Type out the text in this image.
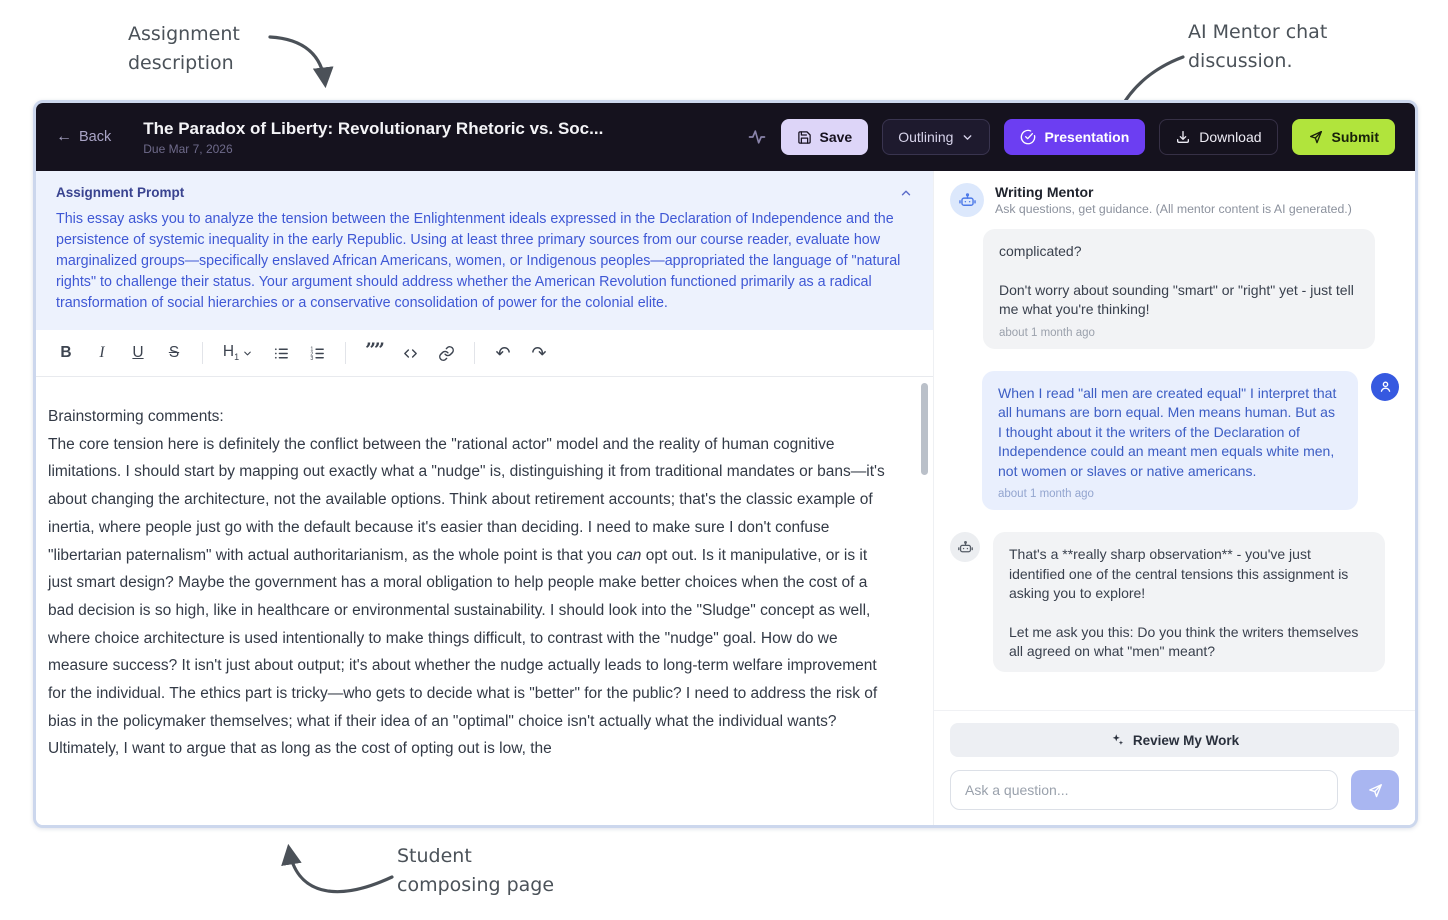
Assignment
description
AI Mentor chat
discussion.
Student
composing page
← Back The Paradox of Liberty: Revolutionary Rhetoric vs. Soc...
Due Mar 7, 2026
Save	Outlining	Presentation	Download	Submit
Assignment Prompt
This essay asks you to analyze the tension between the Enlightenment ideals expressed in the Declaration of Independence and the persistence of systemic inequality in the early Republic. Using at least three primary sources from our course reader, evaluate how marginalized groups—specifically enslaved African Americans, women, or Indigenous peoples—appropriated the language of "natural rights" to challenge their status. Your argument should address whether the American Revolution functioned primarily as a radical transformation of social hierarchies or a conservative consolidation of power for the colonial elite.
B	I	U	S	$H_1$
1
2
3	””	↶	↷
Brainstorming comments:
The core tension here is definitely the conflict between the "rational actor" model and the reality of human cognitive limitations. I should start by mapping out exactly what a "nudge" is, distinguishing it from traditional mandates or bans—it's about changing the architecture, not the available options. Think about retirement accounts; that's the classic example of inertia, where people just go with the default because it's easier than deciding. I need to make sure I don't confuse "libertarian paternalism" with actual authoritarianism, as the whole point is that you can opt out. Is it manipulative, or is it just smart design? Maybe the government has a moral obligation to help people make better choices when the cost of a bad decision is so high, like in healthcare or environmental sustainability. I should look into the "Sludge" concept as well, where choice architecture is used intentionally to make things difficult, to contrast with the "nudge" goal. How do we measure success? It isn't just about output; it's about whether the nudge actually leads to long-term welfare improvement for the individual. The ethics part is tricky—who gets to decide what is "better" for the public? I need to address the risk of bias in the policymaker themselves; what if their idea of an "optimal" choice isn't actually what the individual wants? Ultimately, I want to argue that as long as the cost of opting out is low, the
Writing Mentor
Ask questions, get guidance. (All mentor content is AI generated.)
complicated?
Don't worry about sounding "smart" or "right" yet - just tell me what you're thinking!
about 1 month ago
When I read "all men are created equal" I interpret that all humans are born equal. Men means human. But as I thought about it the writers of the Declaration of Independence could an meant men equals white men, not women or slaves or native americans.
about 1 month ago
That's a **really sharp observation** - you've just identified one of the central tensions this assignment is asking you to explore!
Let me ask you this: Do you think the writers themselves all agreed on what "men" meant?
Review My Work
Ask a question...
